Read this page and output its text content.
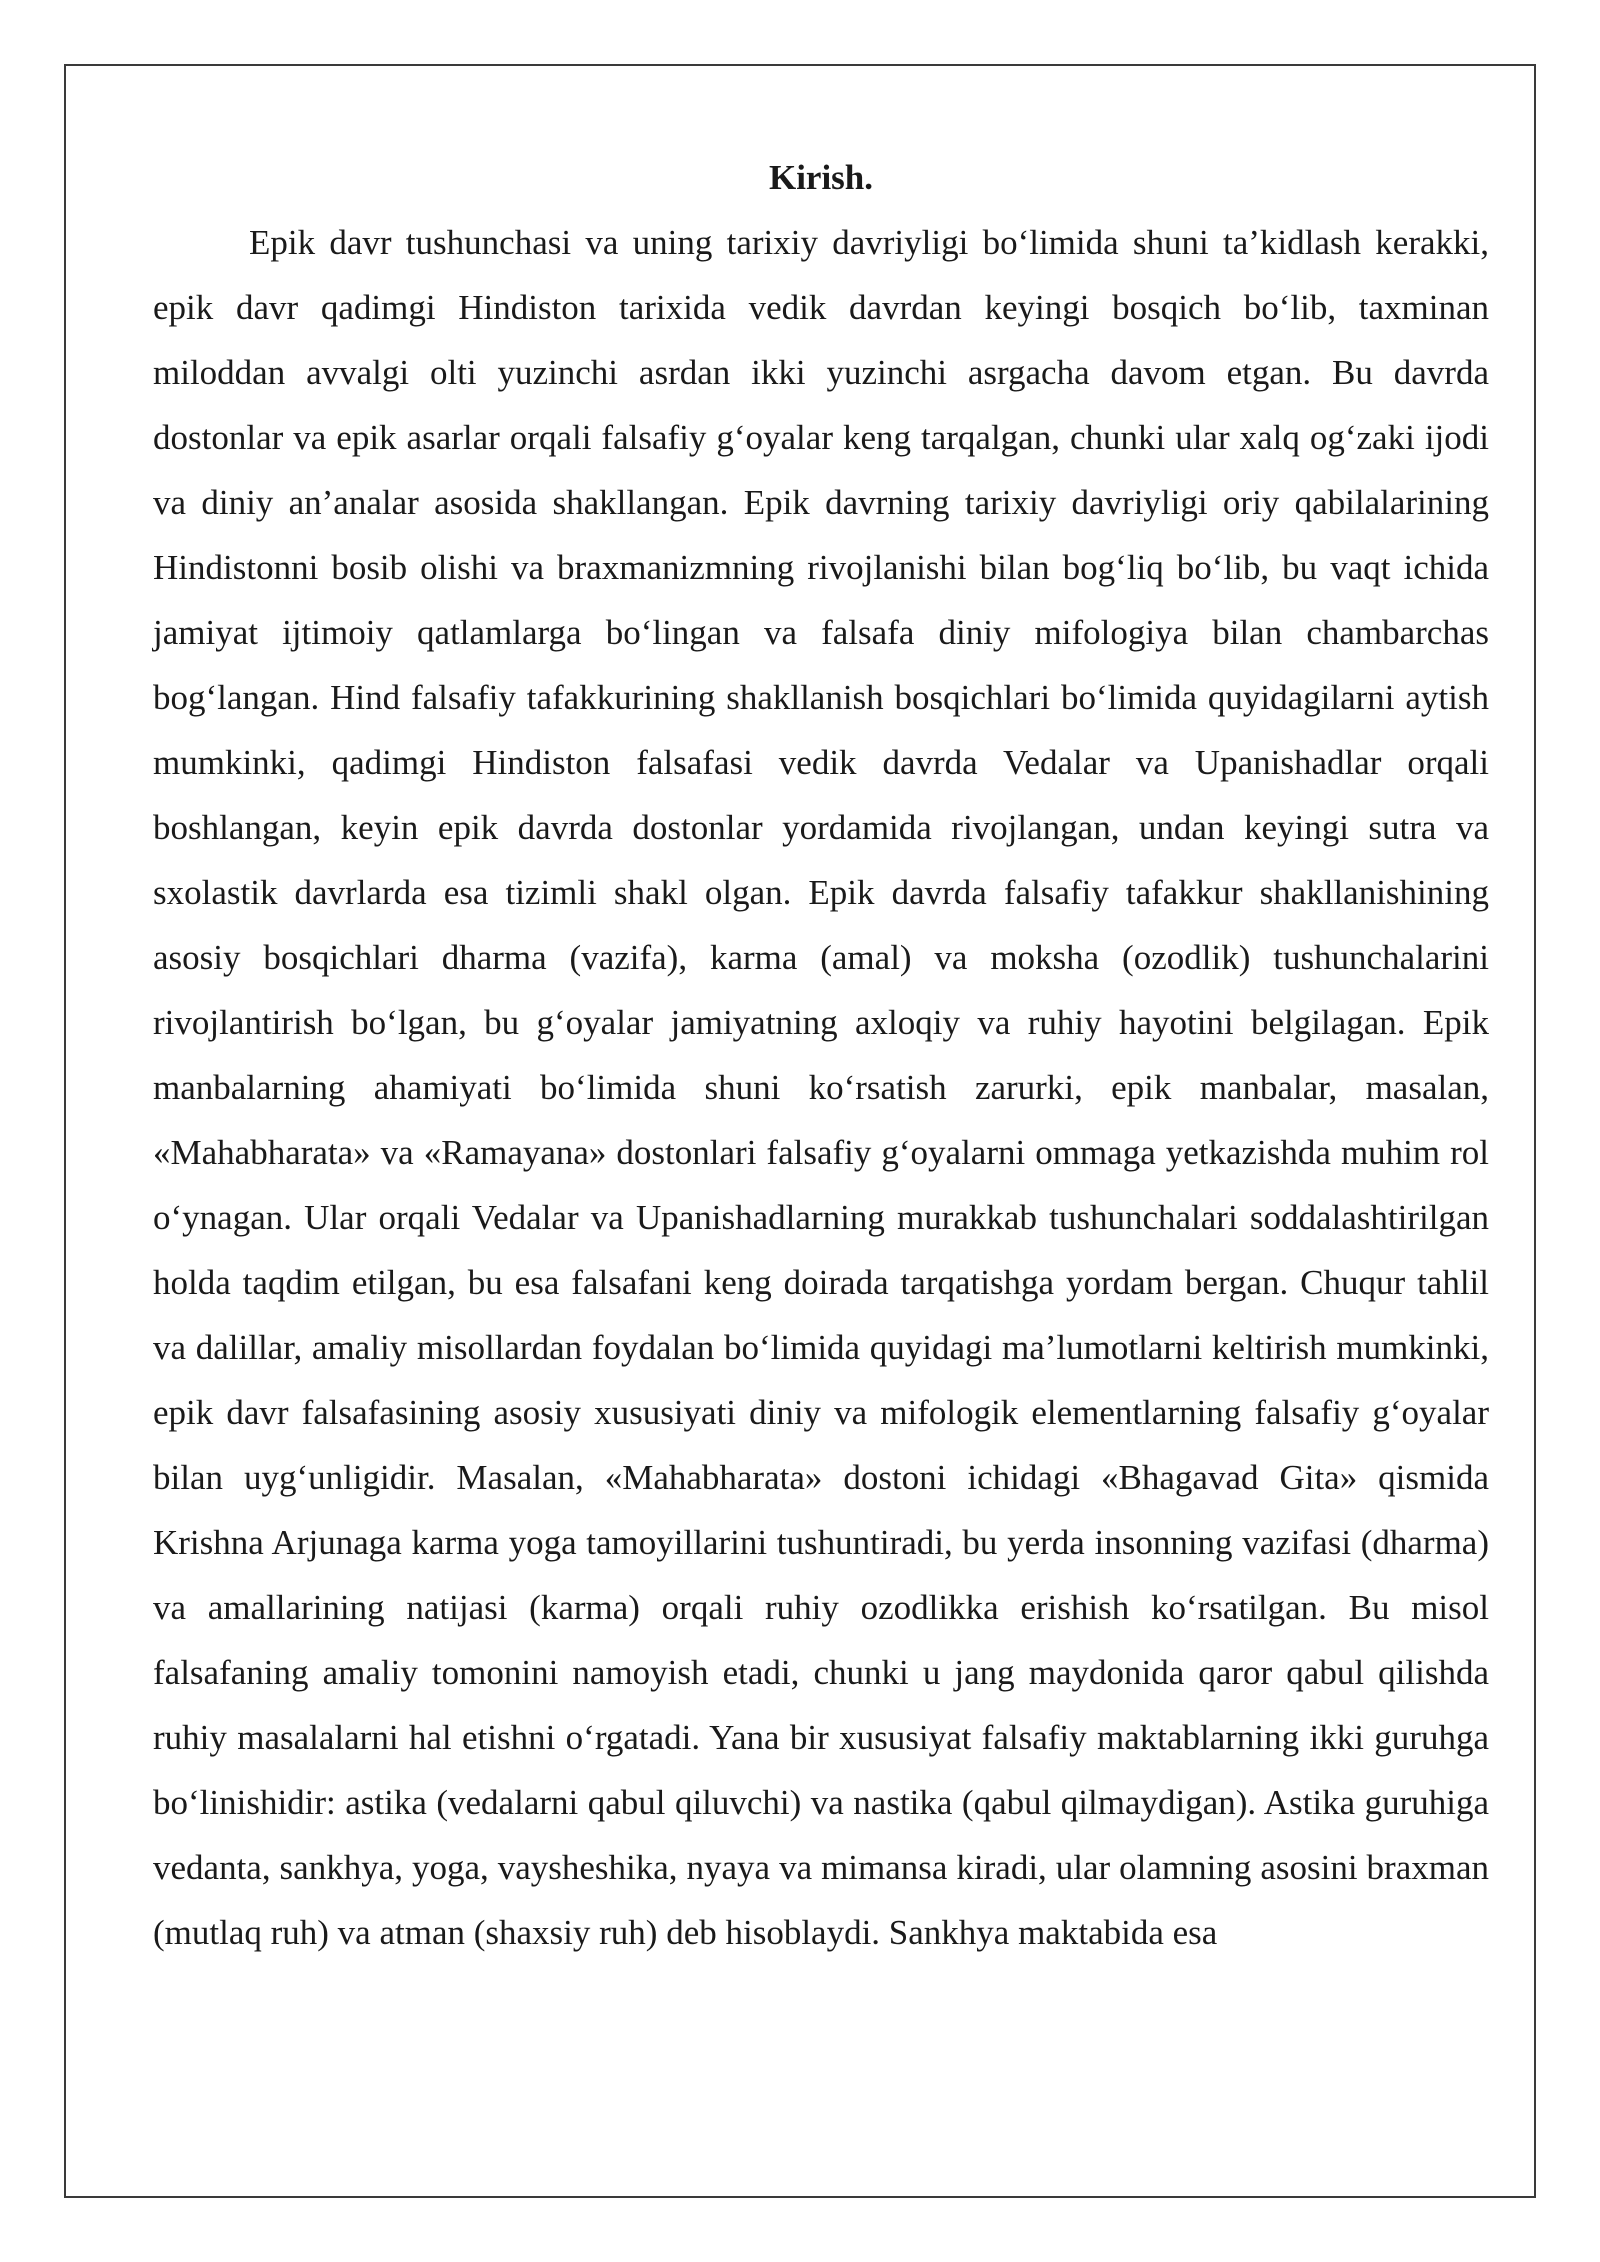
Kirish.

Epik davr tushunchasi va uning tarixiy davriyligi bo‘limida shuni ta’kidlash kerakki, epik davr qadimgi Hindiston tarixida vedik davrdan keyingi bosqich bo‘lib, taxminan miloddan avvalgi olti yuzinchi asrdan ikki yuzinchi asrgacha davom etgan. Bu davrda dostonlar va epik asarlar orqali falsafiy g‘oyalar keng tarqalgan, chunki ular xalq og‘zaki ijodi va diniy an’analar asosida shakllangan. Epik davrning tarixiy davriyligi oriy qabilalarining Hindistonni bosib olishi va braxmanizmning rivojlanishi bilan bog‘liq bo‘lib, bu vaqt ichida jamiyat ijtimoiy qatlamlarga bo‘lingan va falsafa diniy mifologiya bilan chambarchas bog‘langan. Hind falsafiy tafakkurining shakllanish bosqichlari bo‘limida quyidagilarni aytish mumkinki, qadimgi Hindiston falsafasi vedik davrda Vedalar va Upanishadlar orqali boshlangan, keyin epik davrda dostonlar yordamida rivojlangan, undan keyingi sutra va sxolastik davrlarda esa tizimli shakl olgan. Epik davrda falsafiy tafakkur shakllanishining asosiy bosqichlari dharma (vazifa), karma (amal) va moksha (ozodlik) tushunchalarini rivojlantirish bo‘lgan, bu g‘oyalar jamiyatning axloqiy va ruhiy hayotini belgilagan. Epik manbalarning ahamiyati bo‘limida shuni ko‘rsatish zarurki, epik manbalar, masalan, «Mahabharata» va «Ramayana» dostonlari falsafiy g‘oyalarni ommaga yetkazishda muhim rol o‘ynagan. Ular orqali Vedalar va Upanishadlarning murakkab tushunchalari soddalashtirilgan holda taqdim etilgan, bu esa falsafani keng doirada tarqatishga yordam bergan. Chuqur tahlil va dalillar, amaliy misollardan foydalan bo‘limida quyidagi ma’lumotlarni keltirish mumkinki, epik davr falsafasining asosiy xususiyati diniy va mifologik elementlarning falsafiy g‘oyalar bilan uyg‘unligidir. Masalan, «Mahabharata» dostoni ichidagi «Bhagavad Gita» qismida Krishna Arjunaga karma yoga tamoyillarini tushuntiradi, bu yerda insonning vazifasi (dharma) va amallarining natijasi (karma) orqali ruhiy ozodlikka erishish ko‘rsatilgan. Bu misol falsafaning amaliy tomonini namoyish etadi, chunki u jang maydonida qaror qabul qilishda ruhiy masalalarni hal etishni o‘rgatadi. Yana bir xususiyat falsafiy maktablarning ikki guruhga bo‘linishidir: astika (vedalarni qabul qiluvchi) va nastika (qabul qilmaydigan). Astika guruhiga vedanta, sankhya, yoga, vaysheshika, nyaya va mimansa kiradi, ular olamning asosini braxman (mutlaq ruh) va atman (shaxsiy ruh) deb hisoblaydi. Sankhya maktabida esa
